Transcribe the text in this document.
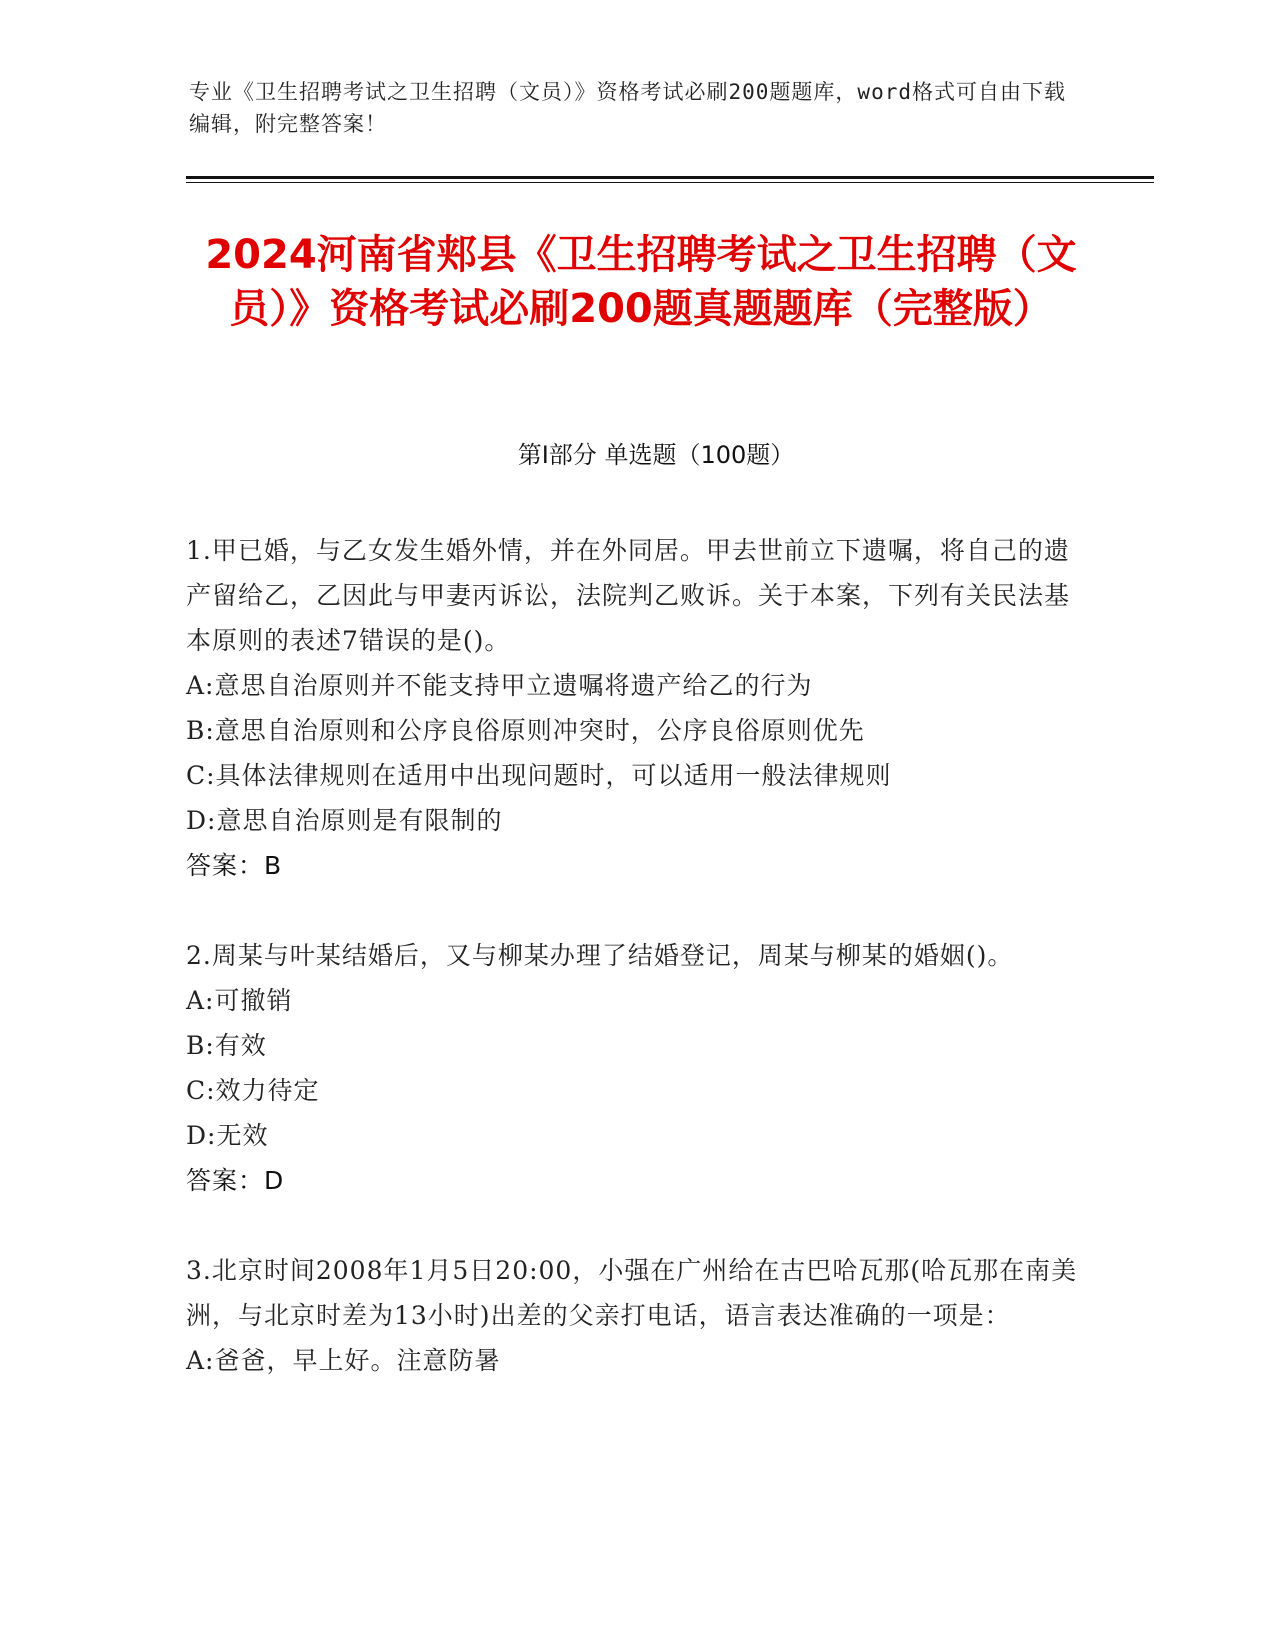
专业《卫生招聘考试之卫生招聘（文员）》资格考试必刷200题题库，word格式可自由下载编辑，附完整答案！
2024河南省郏县《卫生招聘考试之卫生招聘（文员）》资格考试必刷200题真题题库（完整版）
第I部分 单选题（100题）
1.甲已婚，与乙女发生婚外情，并在外同居。甲去世前立下遗嘱，将自己的遗产留给乙，乙因此与甲妻丙诉讼，法院判乙败诉。关于本案，下列有关民法基本原则的表述7错误的是()。
A:意思自治原则并不能支持甲立遗嘱将遗产给乙的行为
B:意思自治原则和公序良俗原则冲突时，公序良俗原则优先
C:具体法律规则在适用中出现问题时，可以适用一般法律规则
D:意思自治原则是有限制的
答案：B
2.周某与叶某结婚后，又与柳某办理了结婚登记，周某与柳某的婚姻()。
A:可撤销
B:有效
C:效力待定
D:无效
答案：D
3.北京时间2008年1月5日20:00，小强在广州给在古巴哈瓦那(哈瓦那在南美洲，与北京时差为13小时)出差的父亲打电话，语言表达准确的一项是：
A:爸爸，早上好。注意防暑
